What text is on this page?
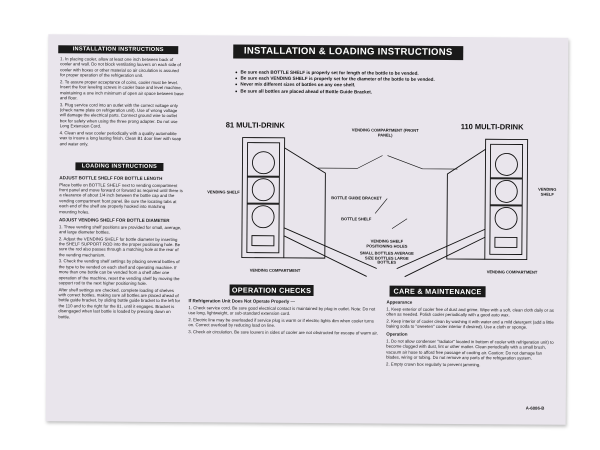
INSTALLATION INSTRUCTIONS

1. In placing cooler, allow at least one inch between back of cooler and wall. Do not block ventilating louvers on each side of cooler with boxes or other material so air circulation is assured for proper operation of the refrigeration unit.

2. To assure proper acceptance of coins, cooler must be level. Insert the four leveling screws in cooler base and level machine, maintaining a one inch minimum of open air space between base and floor.

3. Plug service cord into an outlet with the correct voltage only (check name plate on refrigeration unit). Use of wrong voltage will damage the electrical parts. Connect ground wire to outlet box for safety when using the three prong adapter. Do not use Long Extension Cord.

4. Clean and wax cooler periodically with a quality automobile wax to insure a long lasting finish. Clean B1 door liner with soap and water only.

LOADING INSTRUCTIONS

ADJUST BOTTLE SHELF FOR BOTTLE LENGTH

Place bottle on BOTTLE SHELF next to vending compartment front panel and move forward or forward as required until there is a clearance of about 1/4 inch between the bottle cap and the vending compartment front panel. Be sure the locating tabs at each end of the shelf are properly hooked into matching mounting holes.

ADJUST VENDING SHELF FOR BOTTLE DIAMETER

1. Three vending shelf positions are provided for small, average, and large diameter bottles.

2. Adjust the VENDING SHELF for bottle diameter by inserting the SHELF SUPPORT ROD into the proper positioning hole. Be sure the rod also passes through a matching hole at the rear of the vending mechanism.

3. Check the vending shelf settings by placing several bottles of the type to be vended on each shelf and operating machine. If more than one bottle can be vended from a shelf after one operation of the machine, reset the vending shelf by moving the support rod to the next higher positioning hole.

After shelf settings are checked, complete loading of shelves with correct bottles, making sure all bottles are placed ahead of bottle guide bracket, by sliding bottle guide bracket to the left for the 110 and to the right for the 81, until it engages. Bracket is disengaged when last bottle is loaded by pressing down on bottle.

INSTALLATION & LOADING INSTRUCTIONS
● Be sure each BOTTLE SHELF is properly set for length of the bottle to be vended.
● Be sure each VENDING SHELF is properly set for the diameter of the bottle to be vended.
● Never mix different sizes of bottles on any one shelf.
● Be sure all bottles are placed ahead of Bottle Guide Bracket.
81 MULTI-DRINK	110 MULTI-DRINK
VENDING COMPARTMENT (FRONT PANEL)
VENDING SHELF
VENDING SHELF
BOTTLE GUIDE BRACKET
BOTTLE SHELF
VENDING SHELF POSITIONING HOLES
SMALL BOTTLES AVERAGE SIZE BOTTLES LARGE BOTTLES
VENDING COMPARTMENT	VENDING COMPARTMENT
OPERATION CHECKS

If Refrigeration Unit Does Not Operate Properly —

1. Check service cord. Be sure good electrical contact is maintained by plug in outlet. Note: Do not use long, lightweight, or sub-standard extension cord.

2. Electric line may be overloaded if service plug is warm or if electric lights dim when cooler turns on. Correct overload by reducing load on line.

3. Check air circulation. Be sure louvers in sides of cooler are not obstructed for escape of warm air.

CARE & MAINTENANCE

Appearance

1. Keep exterior of cooler free of dust and grime. Wipe with a soft, clean cloth daily or as often as needed. Polish cooler periodically with a good auto wax.

2. Keep interior of cooler clean by washing it with water and a mild detergent (add a little baking soda to "sweeten" cooler interior if desired). Use a cloth or sponge.

Operation

1. Do not allow condenser "radiator" located in bottom of cooler with refrigeration unit) to become clogged with dust, lint or other matter. Clean periodically with a small brush, vacuum air hose to afford free passage of cooling air. Caution: Do not damage fan blades, wiring or tubing. Do not remove any parts of the refrigeration system.

2. Empty crown box regularly to prevent jamming.

A-6886-B
